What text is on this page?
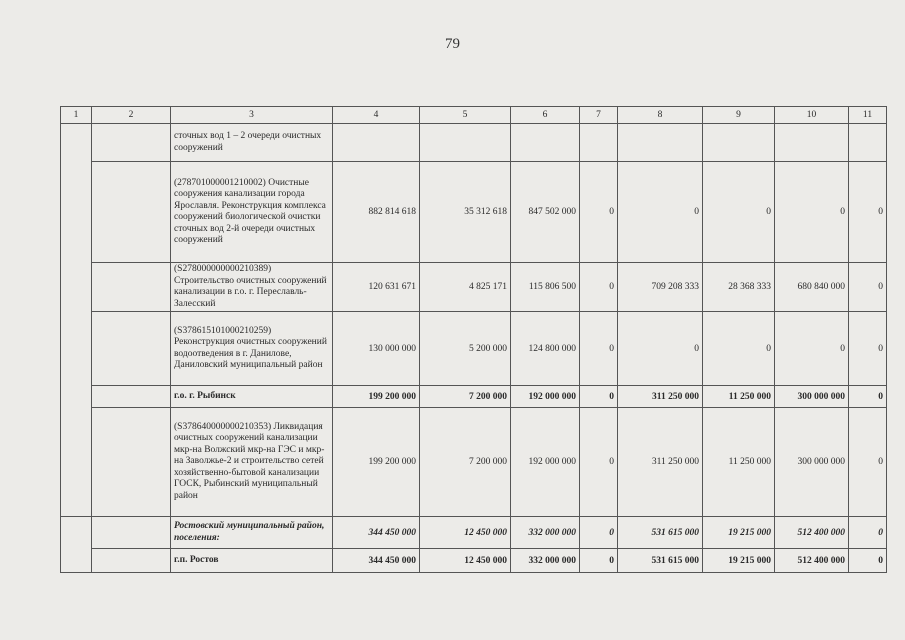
79
1	2	3	4	5	6	7	8	9	10	11
		сточных вод 1 – 2 очереди очистных сооружений								
		(278701000001210002) Очистные сооружения канализации города Ярославля. Реконструкция комплекса сооружений биологической очистки сточных вод 2-й очереди очистных сооружений	882 814 618	35 312 618	847 502 000	0	0	0	0	0
		(S278000000000210389) Строительство очистных сооружений канализации в г.о. г. Переславль-Залесский	120 631 671	4 825 171	115 806 500	0	709 208 333	28 368 333	680 840 000	0
		(S378615101000210259) Реконструкция очистных сооружений водоотведения в г. Данилове, Даниловский муниципальный район	130 000 000	5 200 000	124 800 000	0	0	0	0	0
		г.о. г. Рыбинск	199 200 000	7 200 000	192 000 000	0	311 250 000	11 250 000	300 000 000	0
		(S378640000000210353) Ликвидация очистных сооружений канализации мкр-на Волжский мкр-на ГЭС и мкр-на Заволжье-2 и строительство сетей хозяйственно-бытовой канализации ГОСК, Рыбинский муниципальный район	199 200 000	7 200 000	192 000 000	0	311 250 000	11 250 000	300 000 000	0
		Ростовский муниципальный район, поселения:	344 450 000	12 450 000	332 000 000	0	531 615 000	19 215 000	512 400 000	0
		г.п. Ростов	344 450 000	12 450 000	332 000 000	0	531 615 000	19 215 000	512 400 000	0
